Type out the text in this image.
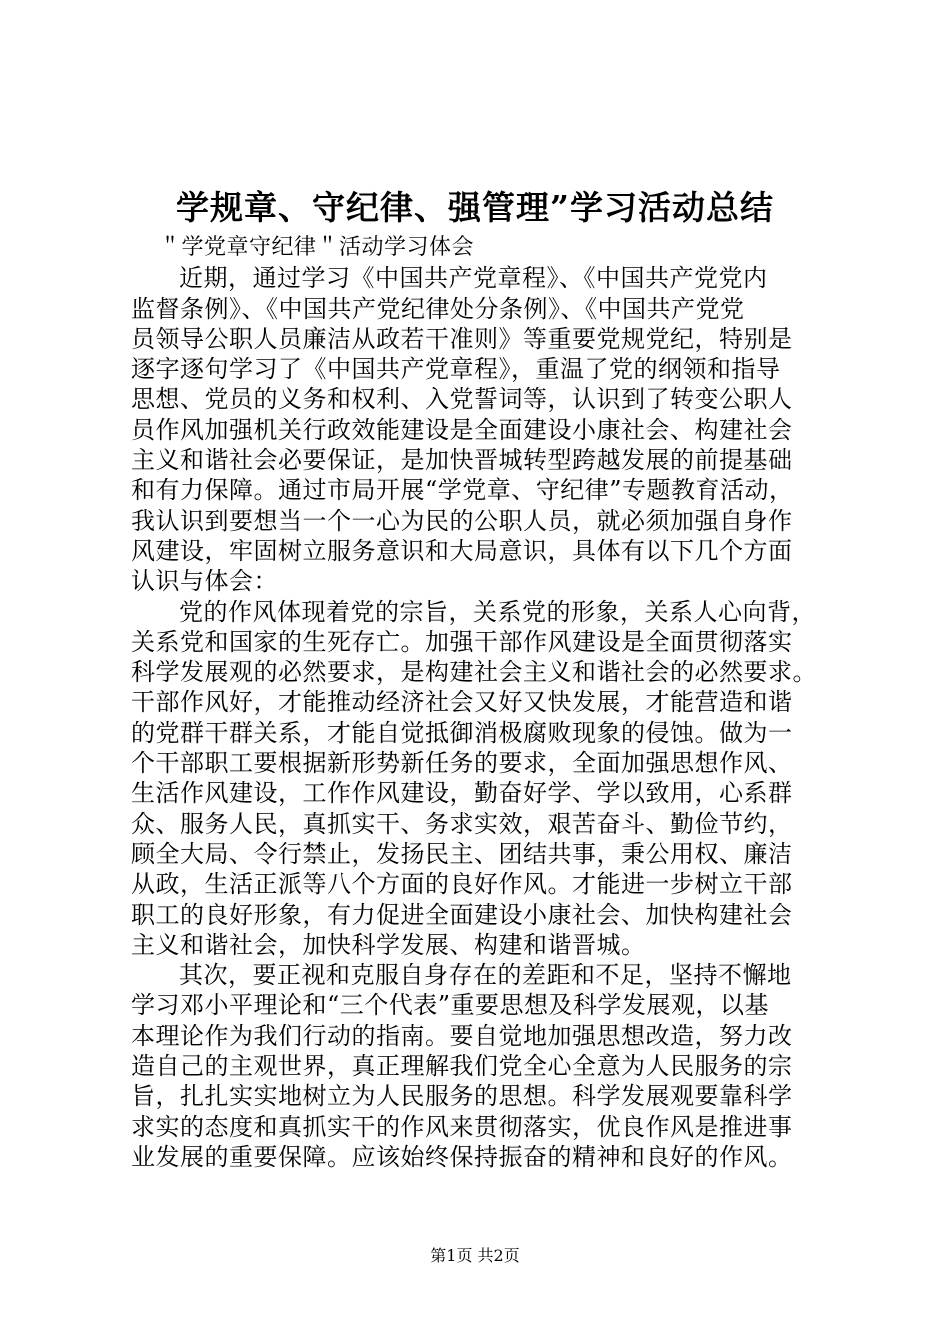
学规章、守纪律、强管理”学习活动总结
＂学党章守纪律＂活动学习体会
近期，通过学习《中国共产党章程》、《中国共产党党内
监督条例》、《中国共产党纪律处分条例》、《中国共产党党
员领导公职人员廉洁从政若干准则》等重要党规党纪，特别是
逐字逐句学习了《中国共产党章程》，重温了党的纲领和指导
思想、党员的义务和权利、入党誓词等，认识到了转变公职人
员作风加强机关行政效能建设是全面建设小康社会、构建社会
主义和谐社会必要保证，是加快晋城转型跨越发展的前提基础
和有力保障。通过市局开展“学党章、守纪律”专题教育活动，
我认识到要想当一个一心为民的公职人员，就必须加强自身作
风建设，牢固树立服务意识和大局意识，具体有以下几个方面
认识与体会：
党的作风体现着党的宗旨，关系党的形象，关系人心向背，
关系党和国家的生死存亡。加强干部作风建设是全面贯彻落实
科学发展观的必然要求，是构建社会主义和谐社会的必然要求。
干部作风好，才能推动经济社会又好又快发展，才能营造和谐
的党群干群关系，才能自觉抵御消极腐败现象的侵蚀。做为一
个干部职工要根据新形势新任务的要求，全面加强思想作风、
生活作风建设，工作作风建设，勤奋好学、学以致用，心系群
众、服务人民，真抓实干、务求实效，艰苦奋斗、勤俭节约，
顾全大局、令行禁止，发扬民主、团结共事，秉公用权、廉洁
从政，生活正派等八个方面的良好作风。才能进一步树立干部
职工的良好形象，有力促进全面建设小康社会、加快构建社会
主义和谐社会，加快科学发展、构建和谐晋城。
其次，要正视和克服自身存在的差距和不足，坚持不懈地
学习邓小平理论和“三个代表”重要思想及科学发展观，以基
本理论作为我们行动的指南。要自觉地加强思想改造，努力改
造自己的主观世界，真正理解我们党全心全意为人民服务的宗
旨，扎扎实实地树立为人民服务的思想。科学发展观要靠科学
求实的态度和真抓实干的作风来贯彻落实，优良作风是推进事
业发展的重要保障。应该始终保持振奋的精神和良好的作风。
第1页 共2页
